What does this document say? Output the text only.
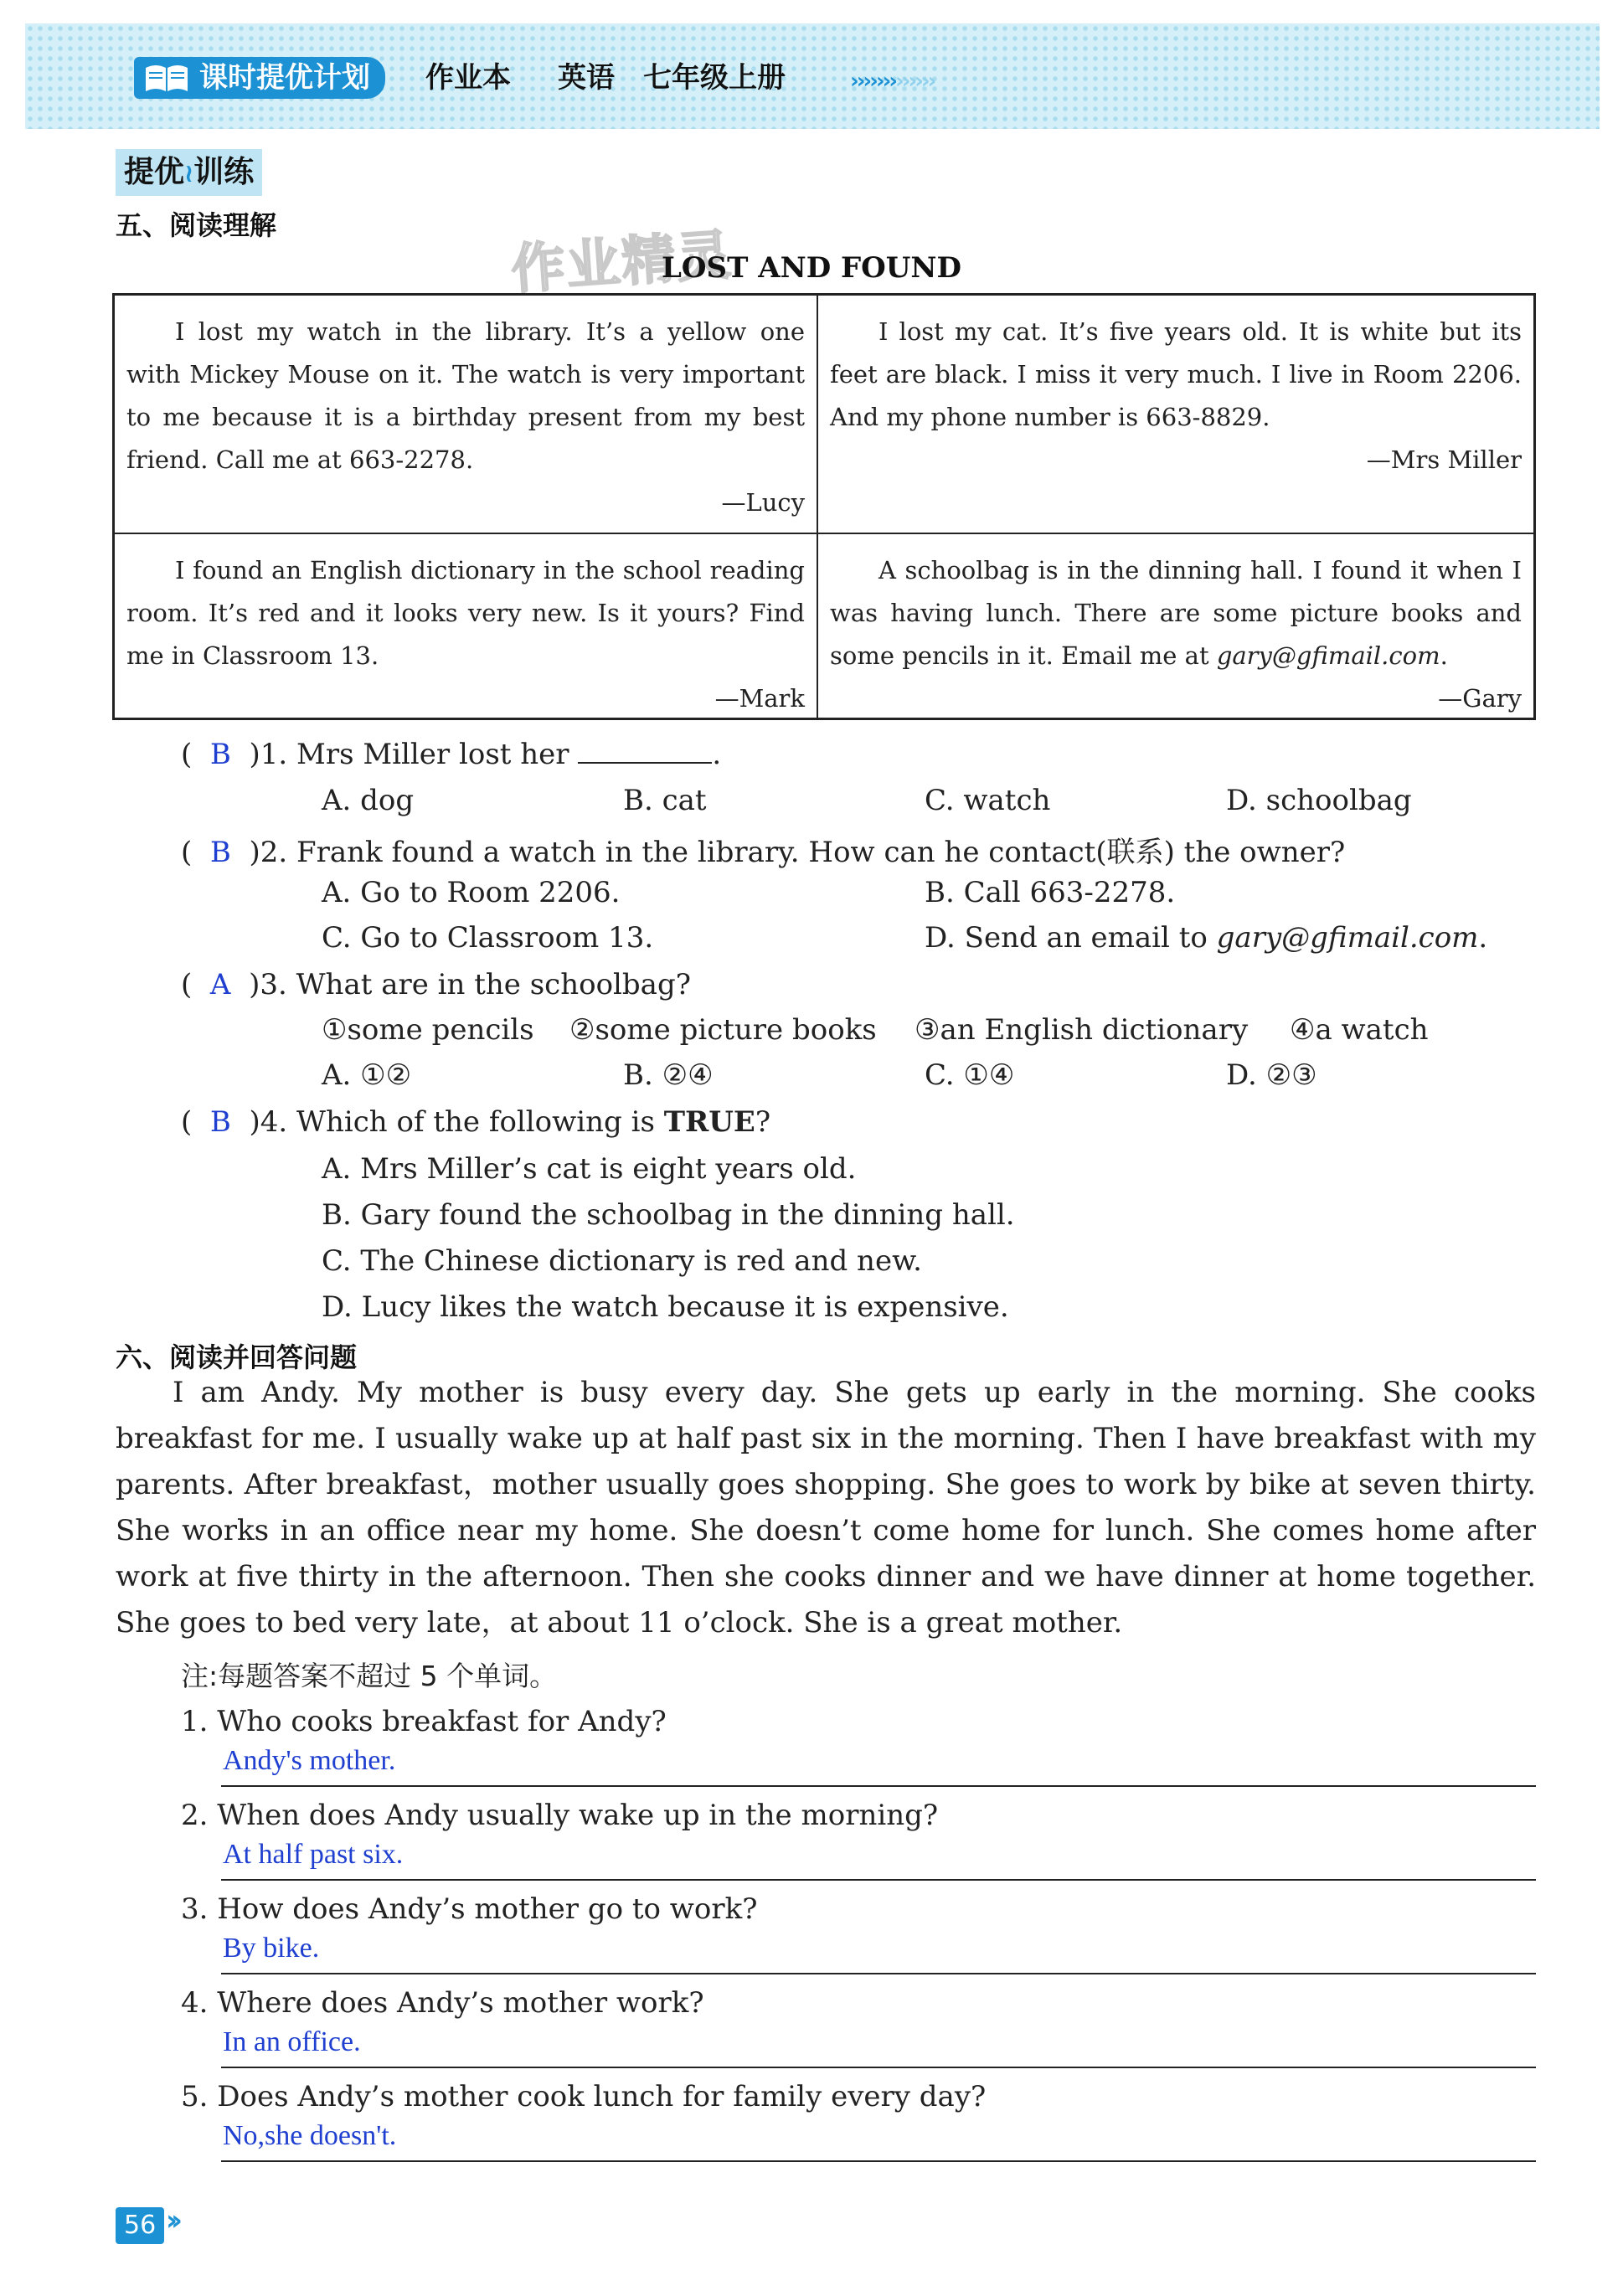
课时提优计划	作业本 英语 七年级上册	›››››››››››››
提优≀训练
五、阅读理解	作业精灵
LOST AND FOUND

I lost my watch in the library. It’s a yellow one with Mickey Mouse on it. The watch is very important to me because it is a birthday present from my best friend. Call me at 663-2278.

—Lucy

I lost my cat. It’s five years old. It is white but its feet are black. I miss it very much. I live in Room 2206. And my phone number is 663-8829.

—Mrs Miller

I found an English dictionary in the school reading room. It’s red and it looks very new. Is it yours? Find me in Classroom 13.

—Mark

A schoolbag is in the dinning hall. I found it when I was having lunch. There are some picture books and some pencils in it. Email me at gary@gfimail.com.

—Gary
(  B  )1. Mrs Miller lost her	.
A. dog	B. cat	C. watch	D. schoolbag
(  B  )2. Frank found a watch in the library. How can he contact(联系) the owner?
A. Go to Room 2206.	B. Call 663-2278.
C. Go to Classroom 13.	D. Send an email to gary@gfimail.com.
(  A  )3. What are in the schoolbag?
①some pencils ②some picture books ③an English dictionary ④a watch
A. ①②	B. ②④	C. ①④	D. ②③
(  B  )4. Which of the following is TRUE?
A. Mrs Miller’s cat is eight years old.
B. Gary found the schoolbag in the dinning hall.
C. The Chinese dictionary is red and new.
D. Lucy likes the watch because it is expensive.
六、阅读并回答问题

I am Andy. My mother is busy every day. She gets up early in the morning. She cooks breakfast for me. I usually wake up at half past six in the morning. Then I have breakfast with my parents. After breakfast，mother usually goes shopping. She goes to work by bike at seven thirty. She works in an office near my home. She doesn’t come home for lunch. She comes home after work at five thirty in the afternoon. Then she cooks dinner and we have dinner at home together. She goes to bed very late，at about 11 o’clock. She is a great mother.

注:每题答案不超过 5 个单词。
1. Who cooks breakfast for Andy?
Andy's mother.
2. When does Andy usually wake up in the morning?
At half past six.
3. How does Andy’s mother go to work?
By bike.
4. Where does Andy’s mother work?
In an office.
5. Does Andy’s mother cook lunch for family every day?
No,she doesn't.
56 ››
